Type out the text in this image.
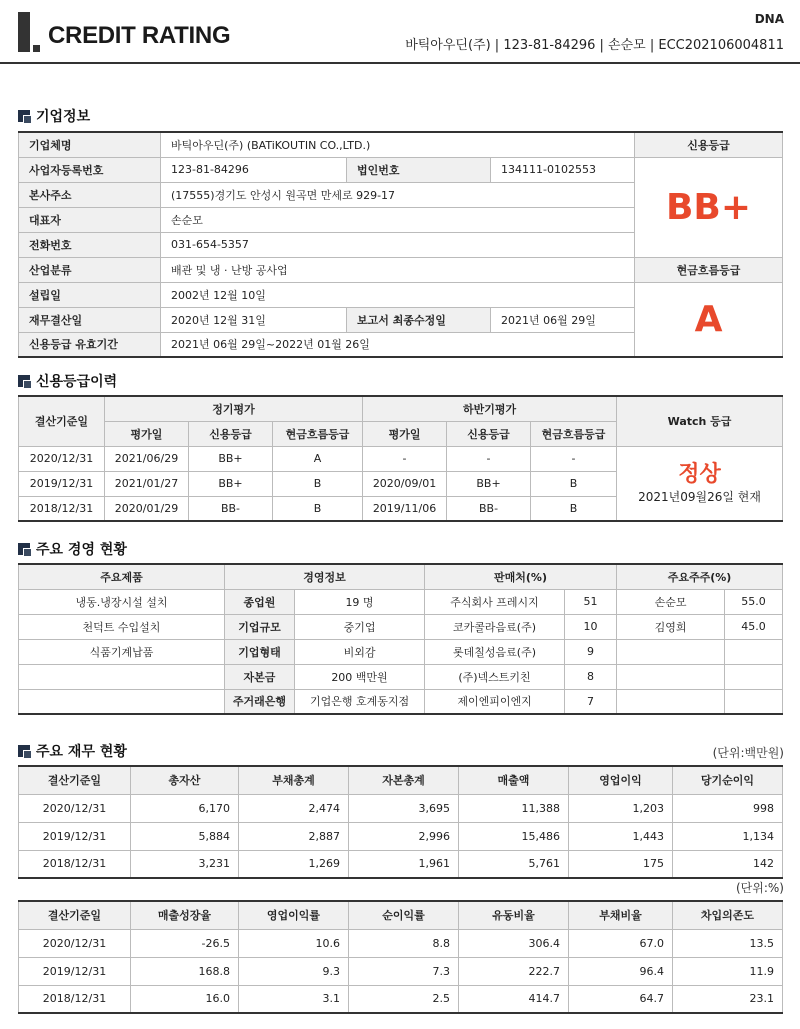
CREDIT RATING
DNA
바틱아우딘(주) | 123-81-84296 | 손순모 | ECC202106004811
기업정보
기업체명	바틱아우딘(주) (BATiKOUTIN CO.,LTD.)			신용등급
사업자등록번호	123-81-84296	법인번호	134111-0102553	BB+
본사주소	(17555)경기도 안성시 원곡면 만세로 929-17			
대표자	손순모			
전화번호	031-654-5357			
산업분류	배관 및 냉 · 난방 공사업			현금흐름등급
설립일	2002년 12월 10일			A
재무결산일	2020년 12월 31일	보고서 최종수정일	2021년 06월 29일	
신용등급 유효기간	2021년 06월 29일~2022년 01월 26일			
신용등급이력
결산기준일	정기평가			하반기평가			Watch 등급
	평가일	신용등급	현금흐름등급	평가일	신용등급	현금흐름등급	
2020/12/31	2021/06/29	BB+	A	-	-	-	정상
2021년09월26일 현재

2019/12/31	2021/01/27	BB+	B	2020/09/01	BB+	B	
2018/12/31	2020/01/29	BB-	B	2019/11/06	BB-	B	
주요 경영 현황
주요제품	경영정보		판매처(%)		주요주주(%)	
냉동.냉장시설 설치	종업원	19 명	주식회사 프레시지	51	손순모	55.0
천덕트 수입설치	기업규모	중기업	코카콜라음료(주)	10	김영희	45.0
식품기계납품	기업형태	비외감	롯데칠성음료(주)	9		
	자본금	200 백만원	(주)넥스트키친	8		
	주거래은행	기업은행 호계동지점	제이엔피이엔지	7		
주요 재무 현황	(단위:백만원)
결산기준일	총자산	부채총계	자본총계	매출액	영업이익	당기순이익
2020/12/31	6,170	2,474	3,695	11,388	1,203	998
2019/12/31	5,884	2,887	2,996	15,486	1,443	1,134
2018/12/31	3,231	1,269	1,961	5,761	175	142
(단위:%)
결산기준일	매출성장율	영업이익률	순이익률	유동비율	부채비율	차입의존도
2020/12/31	-26.5	10.6	8.8	306.4	67.0	13.5
2019/12/31	168.8	9.3	7.3	222.7	96.4	11.9
2018/12/31	16.0	3.1	2.5	414.7	64.7	23.1
